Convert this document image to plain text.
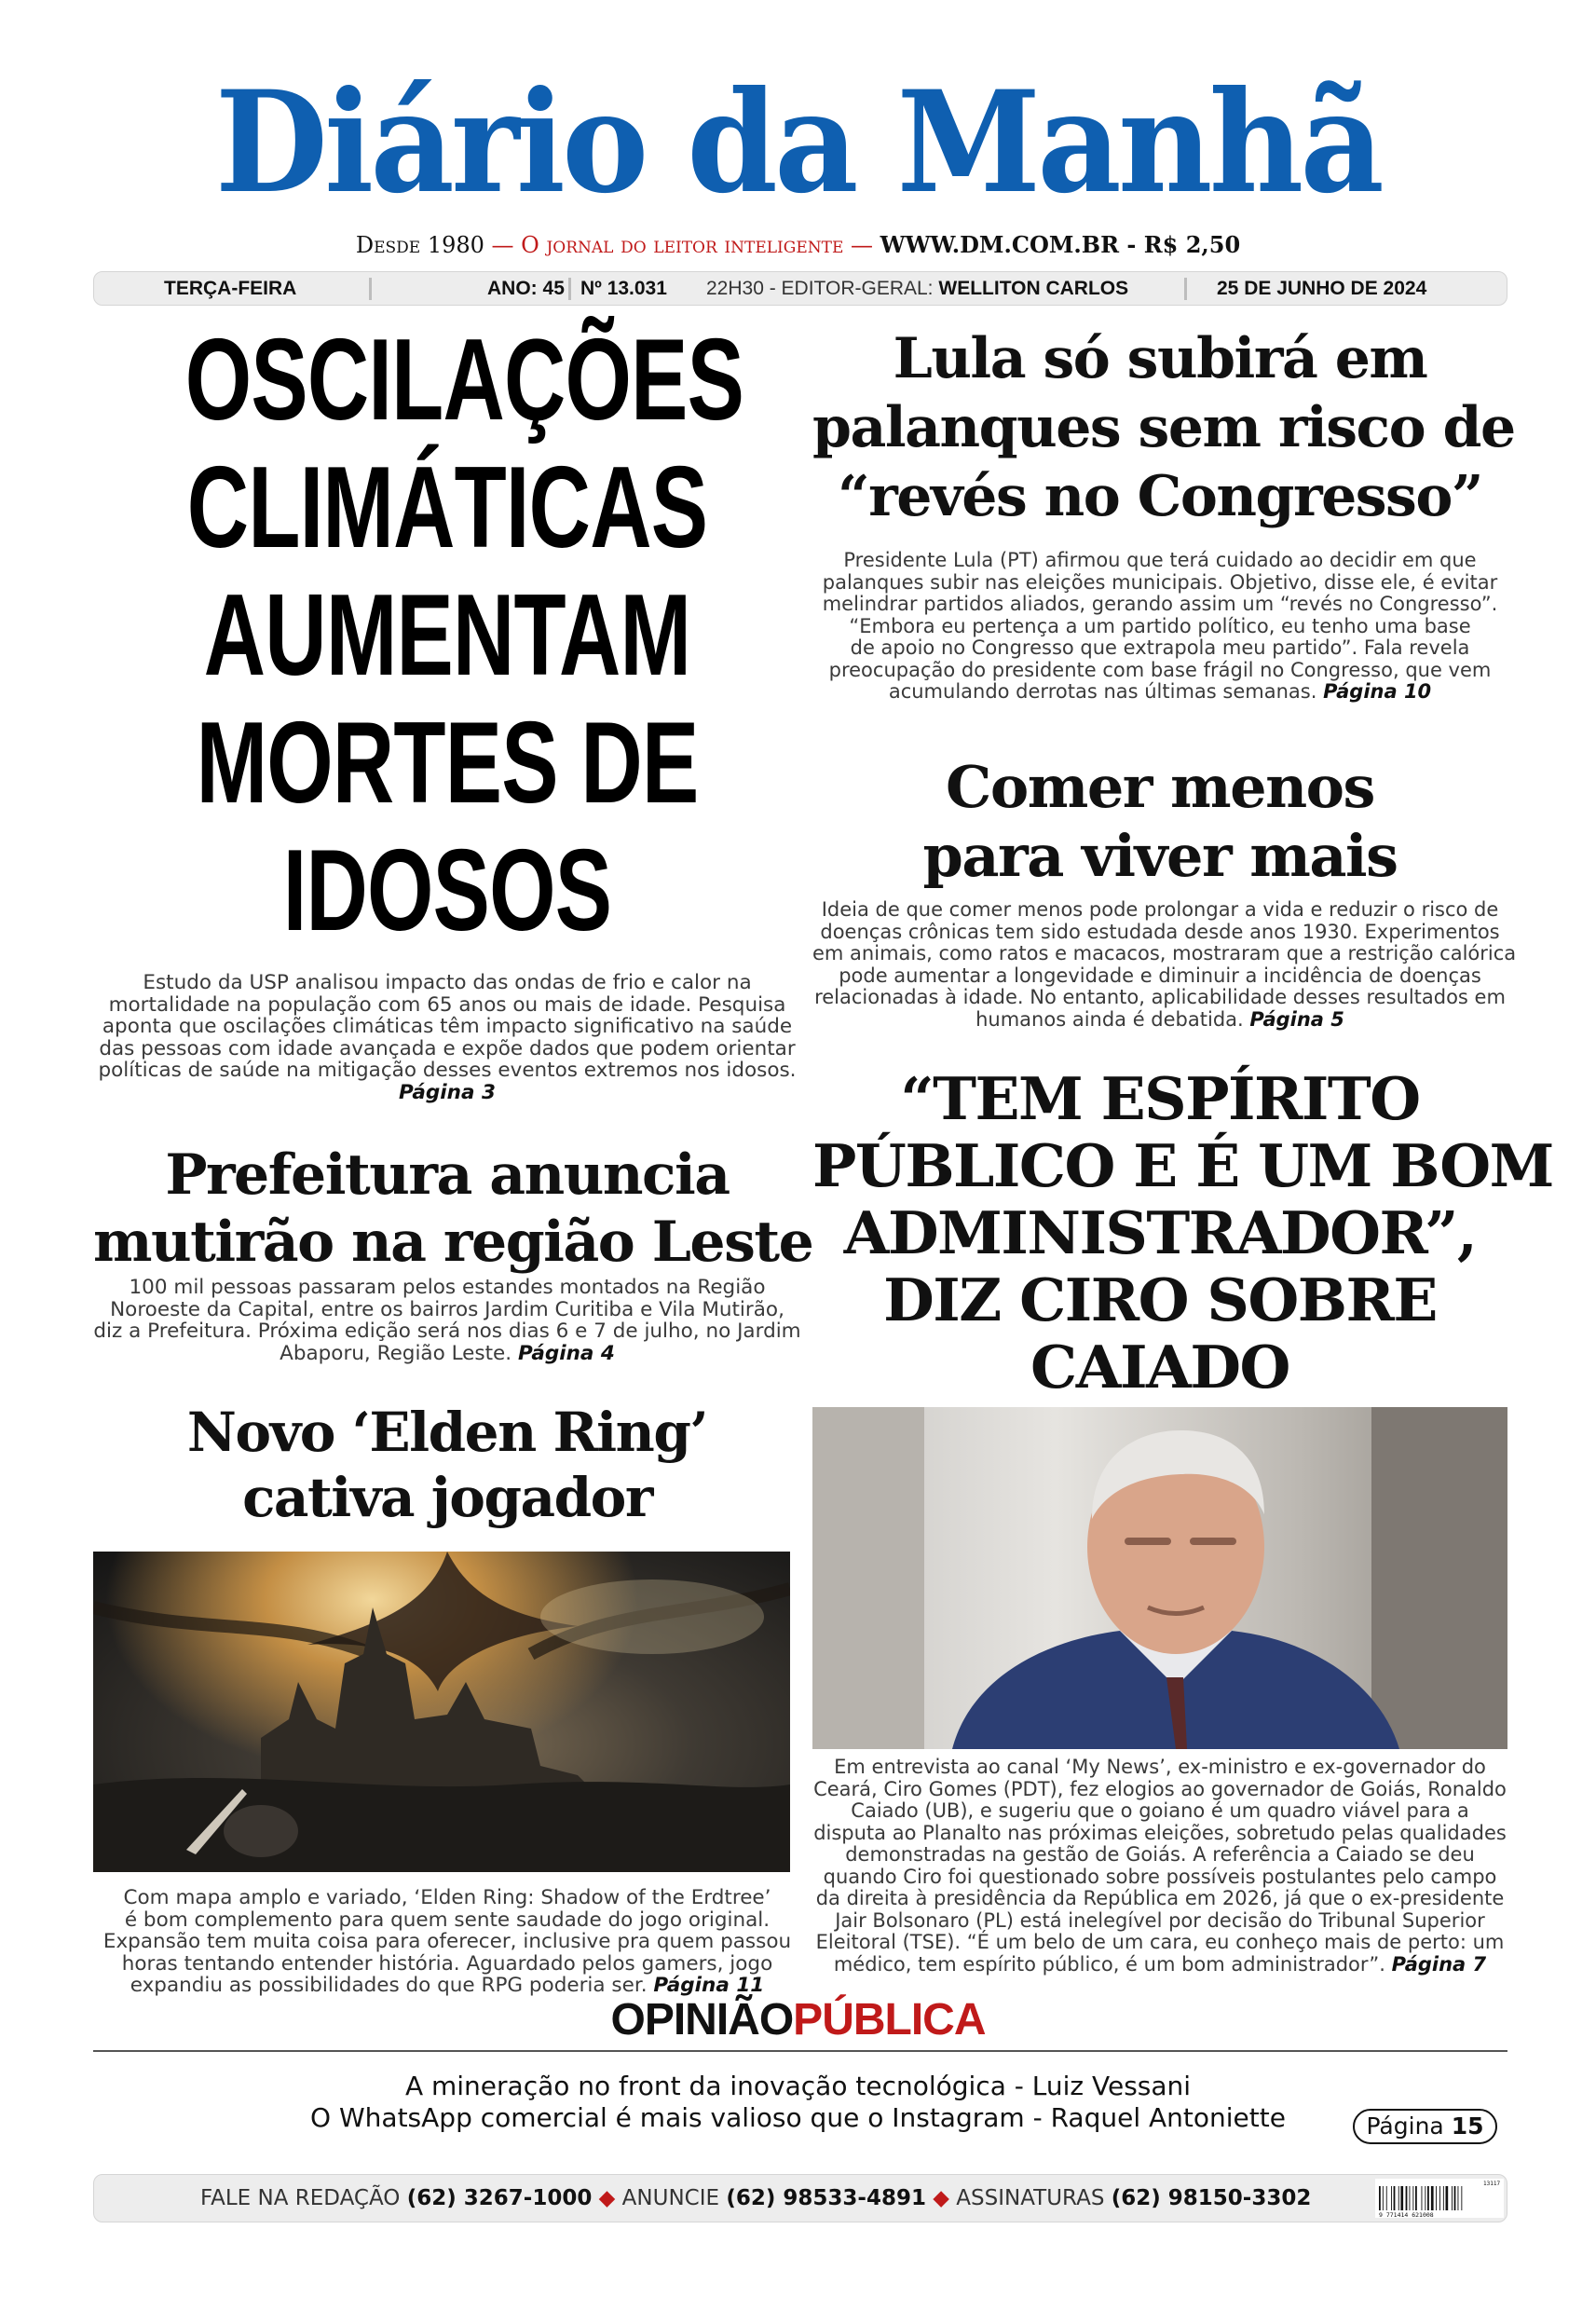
Diário da Manhã
Desde 1980 — O jornal do leitor inteligente — WWW.DM.COM.BR - R$ 2,50
TERÇA-FEIRA	ANO: 45 Nº 13.031 22H30 - EDITOR-GERAL: WELLITON CARLOS	25 DE JUNHO DE 2024
OSCILAÇÕES
CLIMÁTICAS
AUMENTAM
MORTES DE
IDOSOS
Estudo da USP analisou impacto das ondas de frio e calor na
mortalidade na população com 65 anos ou mais de idade. Pesquisa
aponta que oscilações climáticas têm impacto significativo na saúde
das pessoas com idade avançada e expõe dados que podem orientar
políticas de saúde na mitigação desses eventos extremos nos idosos.
Página 3
Lula só subirá em
palanques sem risco de
“revés no Congresso”
Presidente Lula (PT) afirmou que terá cuidado ao decidir em que
palanques subir nas eleições municipais. Objetivo, disse ele, é evitar
melindrar partidos aliados, gerando assim um “revés no Congresso”.
“Embora eu pertença a um partido político, eu tenho uma base
de apoio no Congresso que extrapola meu partido”. Fala revela
preocupação do presidente com base frágil no Congresso, que vem
acumulando derrotas nas últimas semanas. Página 10
Comer menos
para viver mais
Ideia de que comer menos pode prolongar a vida e reduzir o risco de
doenças crônicas tem sido estudada desde anos 1930. Experimentos
em animais, como ratos e macacos, mostraram que a restrição calórica
pode aumentar a longevidade e diminuir a incidência de doenças
relacionadas à idade. No entanto, aplicabilidade desses resultados em
humanos ainda é debatida. Página 5
Prefeitura anuncia
mutirão na região Leste
100 mil pessoas passaram pelos estandes montados na Região
Noroeste da Capital, entre os bairros Jardim Curitiba e Vila Mutirão,
diz a Prefeitura. Próxima edição será nos dias 6 e 7 de julho, no Jardim
Abaporu, Região Leste. Página 4
“TEM ESPÍRITO
PÚBLICO E É UM BOM
ADMINISTRADOR”,
DIZ CIRO SOBRE
CAIADO
Em entrevista ao canal ‘My News’, ex-ministro e ex-governador do
Ceará, Ciro Gomes (PDT), fez elogios ao governador de Goiás, Ronaldo
Caiado (UB), e sugeriu que o goiano é um quadro viável para a
disputa ao Planalto nas próximas eleições, sobretudo pelas qualidades
demonstradas na gestão de Goiás. A referência a Caiado se deu
quando Ciro foi questionado sobre possíveis postulantes pelo campo
da direita à presidência da República em 2026, já que o ex-presidente
Jair Bolsonaro (PL) está inelegível por decisão do Tribunal Superior
Eleitoral (TSE). “É um belo de um cara, eu conheço mais de perto: um
médico, tem espírito público, é um bom administrador”. Página 7
Novo ‘Elden Ring’
cativa jogador
Com mapa amplo e variado, ‘Elden Ring: Shadow of the Erdtree’
é bom complemento para quem sente saudade do jogo original.
Expansão tem muita coisa para oferecer, inclusive pra quem passou
horas tentando entender história. Aguardado pelos gamers, jogo
expandiu as possibilidades do que RPG poderia ser. Página 11
OPINIÃOPÚBLICA
A mineração no front da inovação tecnológica - Luiz Vessani
O WhatsApp comercial é mais valioso que o Instagram - Raquel Antoniette	Página 15
FALE NA REDAÇÃO (62) 3267-1000 ◆ ANUNCIE (62) 98533-4891 ◆ ASSINATURAS (62) 98150-3302
13117
9 771414 621008
